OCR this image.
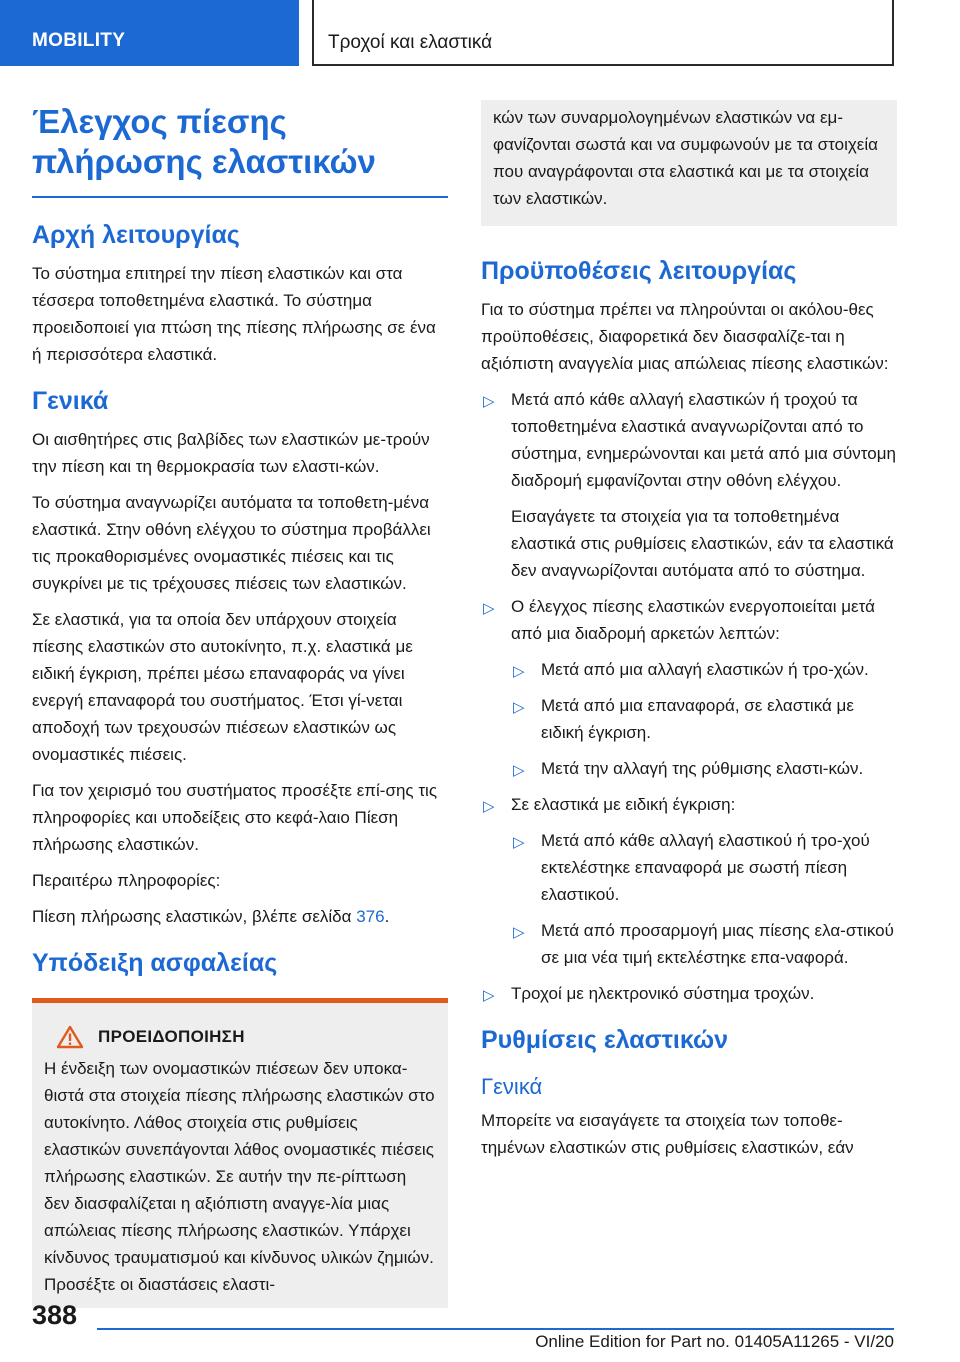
MOBILITY	Τροχοί και ελαστικά
Έλεγχος πίεσης πλήρωσης ελαστικών
Αρχή λειτουργίας

Το σύστημα επιτηρεί την πίεση ελαστικών και στα τέσσερα τοποθετημένα ελαστικά. Το σύστημα προειδοποιεί για πτώση της πίεσης πλήρωσης σε ένα ή περισσότερα ελαστικά.

Γενικά

Οι αισθητήρες στις βαλβίδες των ελαστικών με-τρούν την πίεση και τη θερμοκρασία των ελαστι-κών.

Το σύστημα αναγνωρίζει αυτόματα τα τοποθετη-μένα ελαστικά. Στην οθόνη ελέγχου το σύστημα προβάλλει τις προκαθορισμένες ονομαστικές πιέσεις και τις συγκρίνει με τις τρέχουσες πιέσεις των ελαστικών.

Σε ελαστικά, για τα οποία δεν υπάρχουν στοιχεία πίεσης ελαστικών στο αυτοκίνητο, π.χ. ελαστικά με ειδική έγκριση, πρέπει μέσω επαναφοράς να γίνει ενεργή επαναφορά του συστήματος. Έτσι γί-νεται αποδοχή των τρεχουσών πιέσεων ελαστικών ως ονομαστικές πιέσεις.

Για τον χειρισμό του συστήματος προσέξτε επί-σης τις πληροφορίες και υποδείξεις στο κεφά-λαιο Πίεση πλήρωσης ελαστικών.

Περαιτέρω πληροφορίες:

Πίεση πλήρωσης ελαστικών, βλέπε σελίδα 376.

Υπόδειξη ασφαλείας
ΠΡΟΕΙΔΟΠΟΙΗΣΗ

Η ένδειξη των ονομαστικών πιέσεων δεν υποκα-θιστά στα στοιχεία πίεσης πλήρωσης ελαστικών στο αυτοκίνητο. Λάθος στοιχεία στις ρυθμίσεις ελαστικών συνεπάγονται λάθος ονομαστικές πιέσεις πλήρωσης ελαστικών. Σε αυτήν την πε-ρίπτωση δεν διασφαλίζεται η αξιόπιστη αναγγε-λία μιας απώλειας πίεσης πλήρωσης ελαστικών. Υπάρχει κίνδυνος τραυματισμού και κίνδυνος υλικών ζημιών. Προσέξτε οι διαστάσεις ελαστι-

κών των συναρμολογημένων ελαστικών να εμ-φανίζονται σωστά και να συμφωνούν με τα στοιχεία που αναγράφονται στα ελαστικά και με τα στοιχεία των ελαστικών.

Προϋποθέσεις λειτουργίας

Για το σύστημα πρέπει να πληρούνται οι ακόλου-θες προϋποθέσεις, διαφορετικά δεν διασφαλίζε-ται η αξιόπιστη αναγγελία μιας απώλειας πίεσης ελαστικών:

▷ Μετά από κάθε αλλαγή ελαστικών ή τροχού τα τοποθετημένα ελαστικά αναγνωρίζονται από το σύστημα, ενημερώνονται και μετά από μια σύντομη διαδρομή εμφανίζονται στην οθόνη ελέγχου.

Εισαγάγετε τα στοιχεία για τα τοποθετημένα ελαστικά στις ρυθμίσεις ελαστικών, εάν τα ελαστικά δεν αναγνωρίζονται αυτόματα από το σύστημα.

▷ Ο έλεγχος πίεσης ελαστικών ενεργοποιείται μετά από μια διαδρομή αρκετών λεπτών:

▷ Μετά από μια αλλαγή ελαστικών ή τρο-χών.

▷ Μετά από μια επαναφορά, σε ελαστικά με ειδική έγκριση.

▷ Μετά την αλλαγή της ρύθμισης ελαστι-κών.

▷ Σε ελαστικά με ειδική έγκριση:

▷ Μετά από κάθε αλλαγή ελαστικού ή τρο-χού εκτελέστηκε επαναφορά με σωστή πίεση ελαστικού.

▷ Μετά από προσαρμογή μιας πίεσης ελα-στικού σε μια νέα τιμή εκτελέστηκε επα-ναφορά.

▷ Τροχοί με ηλεκτρονικό σύστημα τροχών.

Ρυθμίσεις ελαστικών
Γενικά

Μπορείτε να εισαγάγετε τα στοιχεία των τοποθε-τημένων ελαστικών στις ρυθμίσεις ελαστικών, εάν

388
Online Edition for Part no. 01405A11265 - VI/20
